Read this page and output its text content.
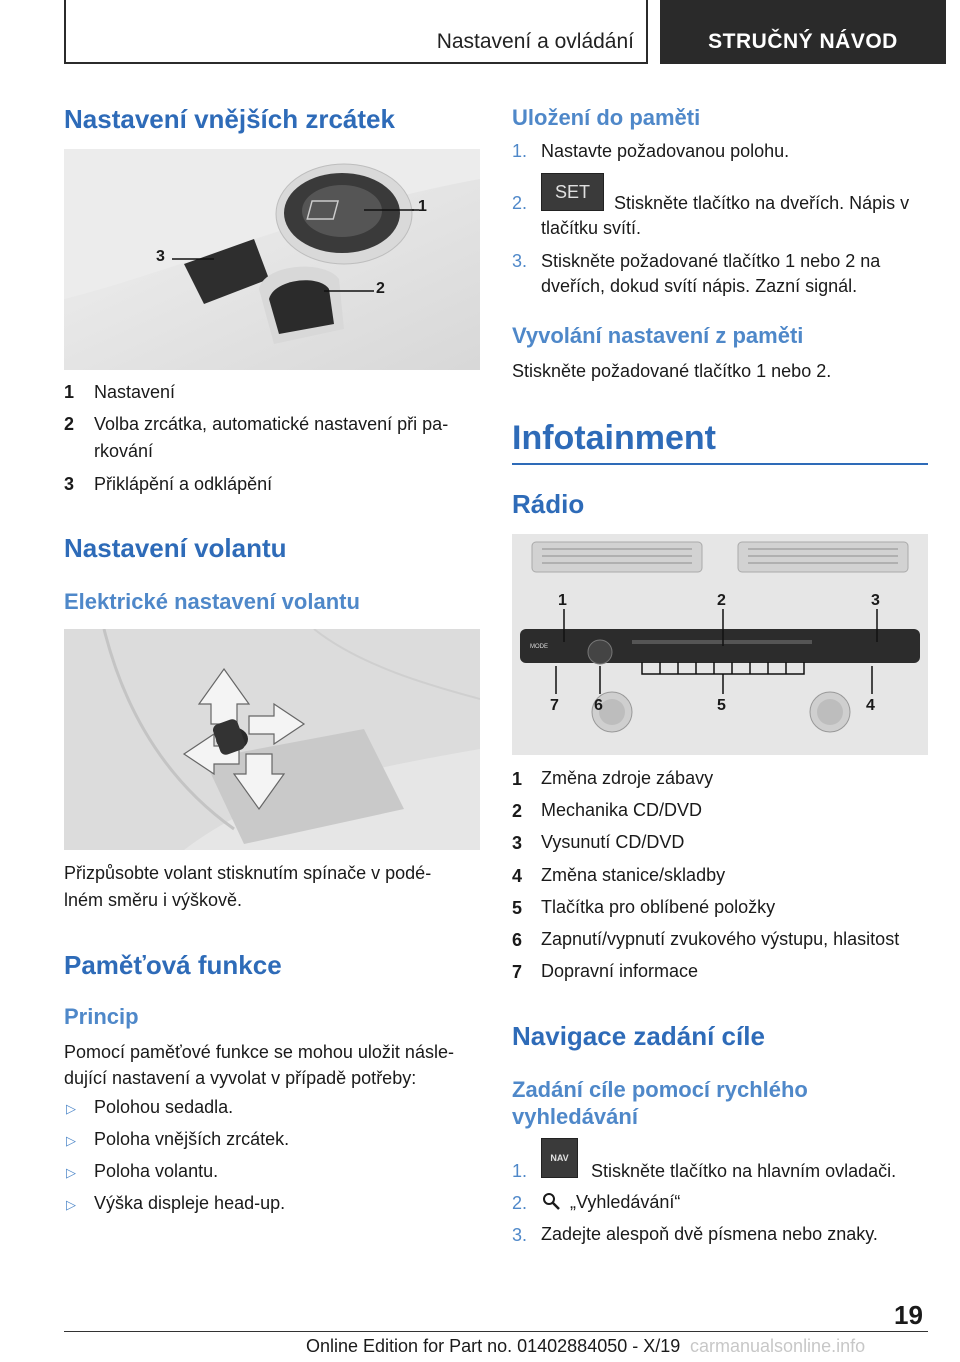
Nastavení a ovládání	STRUČNÝ NÁVOD
Nastavení vnějších zrcátek
1
2
3
1 Nastavení
2 Volba zrcátka, automatické nastavení při pa-
rkování
3 Přiklápění a odklápění
Nastavení volantu
Elektrické nastavení volantu
Přizpůsobte volant stisknutím spínače v podé-
lném směru i výškově.
Paměťová funkce
Princip
Pomocí paměťové funkce se mohou uložit násle-
dující nastavení a vyvolat v případě potřeby:
▷ Polohou sedadla.
▷ Poloha vnějších zrcátek.
▷ Poloha volantu.
▷ Výška displeje head-up.
Uložení do paměti
1. Nastavte požadovanou polohu.
2.
SET
Stiskněte tlačítko na dveřích. Nápis v
tlačítku svítí.
3. Stiskněte požadované tlačítko 1 nebo 2 na
dveřích, dokud svítí nápis. Zazní signál.
Vyvolání nastavení z paměti
Stiskněte požadované tlačítko 1 nebo 2.
Infotainment
Rádio
MODE
1	2	3
4
5
6
7
1 Změna zdroje zábavy
2 Mechanika CD/DVD
3 Vysunutí CD/DVD
4 Změna stanice/skladby
5 Tlačítka pro oblíbené položky
6 Zapnutí/vypnutí zvukového výstupu, hlasitost
7 Dopravní informace
Navigace zadání cíle
Zadání cíle pomocí rychlého
vyhledávání
1.
NAV
Stiskněte tlačítko na hlavním ovladači.
2. „Vyhledávání“
3. Zadejte alespoň dvě písmena nebo znaky.
19
Online Edition for Part no. 01402884050 - X/19 carmanualsonline.info
